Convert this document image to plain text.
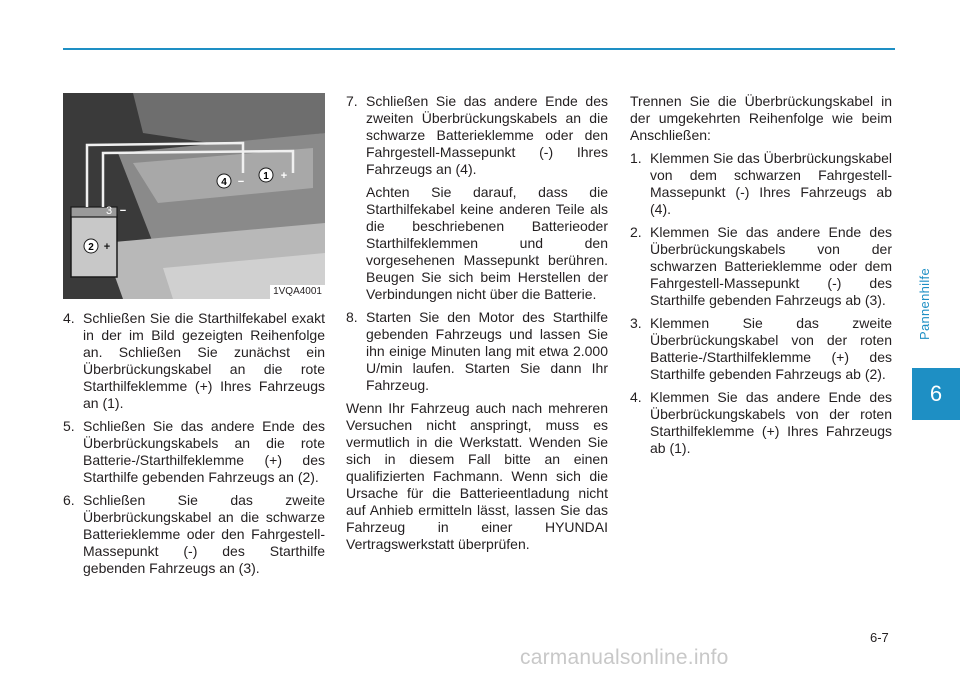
Pannenhilfe
6
1 +
2 +
3 −
4 −
1VQA4001
4. Schließen Sie die Starthilfekabel exakt in der im Bild gezeigten Reihenfolge an. Schließen Sie zunächst ein Überbrückungskabel an die rote Starthilfeklemme (+) Ihres Fahrzeugs an (1).
5. Schließen Sie das andere Ende des Überbrückungskabels an die rote Batterie-/Starthilfeklemme (+) des Starthilfe gebenden Fahrzeugs an (2).
6. Schließen Sie das zweite Überbrückungskabel an die schwarze Batterieklemme oder den Fahrgestell-Massepunkt (-) des Starthilfe gebenden Fahrzeugs an (3).
7. Schließen Sie das andere Ende des zweiten Überbrückungskabels an die schwarze Batterieklemme oder den Fahrgestell-Massepunkt (-) Ihres Fahrzeugs an (4).

Achten Sie darauf, dass die Starthilfekabel keine anderen Teile als die beschriebenen Batterieoder Starthilfeklemmen und den vorgesehenen Massepunkt berühren. Beugen Sie sich beim Herstellen der Verbindungen nicht über die Batterie.

8. Starten Sie den Motor des Starthilfe gebenden Fahrzeugs und lassen Sie ihn einige Minuten lang mit etwa 2.000 U/min laufen. Starten Sie dann Ihr Fahrzeug.

Wenn Ihr Fahrzeug auch nach mehreren Versuchen nicht anspringt, muss es vermutlich in die Werkstatt. Wenden Sie sich in diesem Fall bitte an einen qualifizierten Fachmann. Wenn sich die Ursache für die Batterieentladung nicht auf Anhieb ermitteln lässt, lassen Sie das Fahrzeug in einer HYUNDAI Vertragswerkstatt überprüfen.

Trennen Sie die Überbrückungskabel in der umgekehrten Reihenfolge wie beim Anschließen:

1. Klemmen Sie das Überbrückungskabel von dem schwarzen Fahrgestell-Massepunkt (-) Ihres Fahrzeugs ab (4).
2. Klemmen Sie das andere Ende des Überbrückungskabels von der schwarzen Batterieklemme oder dem Fahrgestell-Massepunkt (-) des Starthilfe gebenden Fahrzeugs ab (3).
3. Klemmen Sie das zweite Überbrückungskabel von der roten Batterie-/Starthilfeklemme (+) des Starthilfe gebenden Fahrzeugs ab (2).
4. Klemmen Sie das andere Ende des Überbrückungskabels von der roten Starthilfeklemme (+) Ihres Fahrzeugs ab (1).
6-7
carmanualsonline.info
